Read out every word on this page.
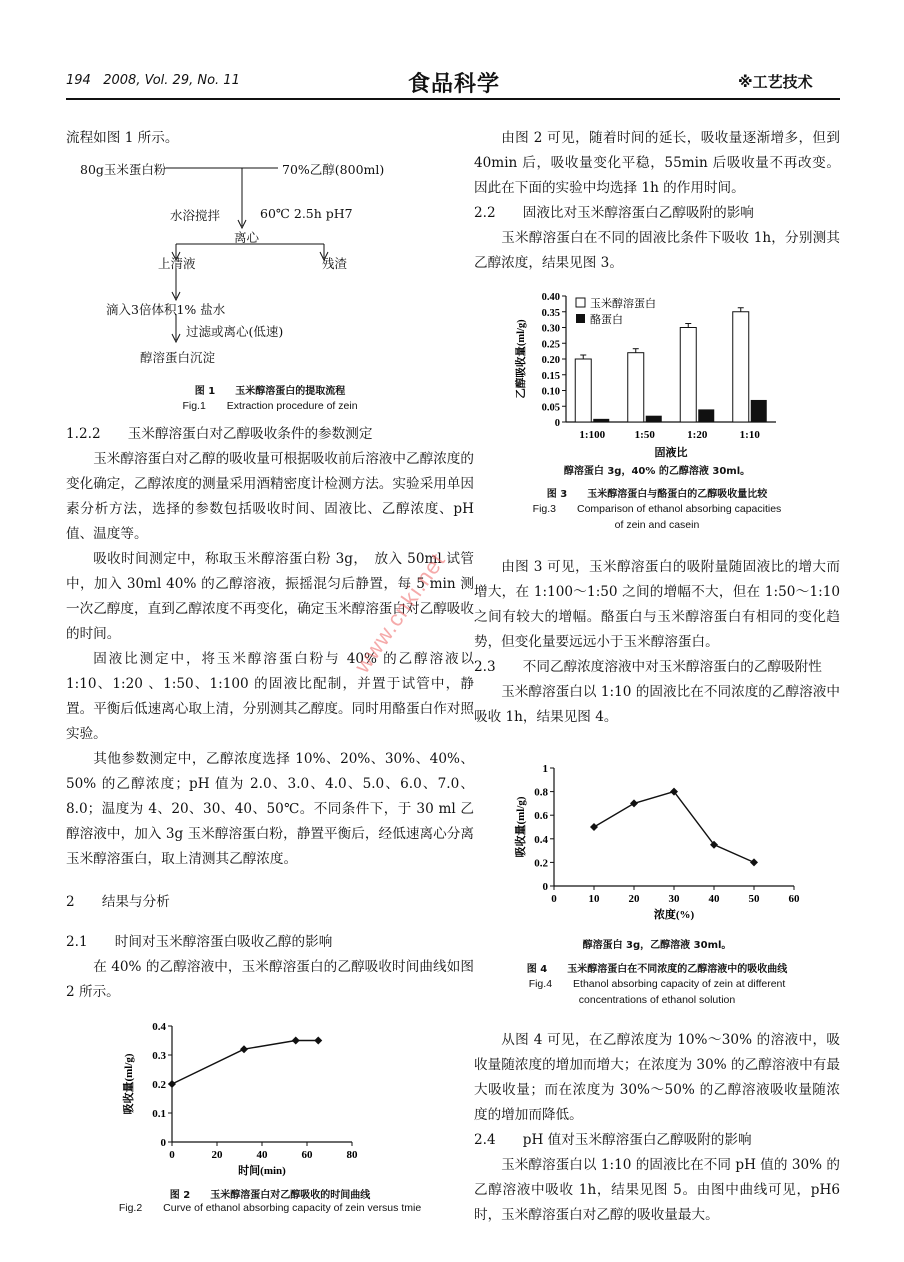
194 2008, Vol. 29, No. 11	食品科学	※工艺技术

流程如图 1 所示。

80g玉米蛋白粉	70%乙醇(800ml)
水浴搅拌	60℃ 2.5h pH7
离心
上清液	残渣
滴入3倍体积1% 盐水
过滤或离心(低速)
醇溶蛋白沉淀
图 1　　玉米醇溶蛋白的提取流程
Fig.1　　Extraction procedure of zein

1.2.2　　玉米醇溶蛋白对乙醇吸收条件的参数测定

玉米醇溶蛋白对乙醇的吸收量可根据吸收前后溶液中乙醇浓度的变化确定，乙醇浓度的测量采用酒精密度计检测方法。实验采用单因素分析方法，选择的参数包括吸收时间、固液比、乙醇浓度、pH 值、温度等。

吸收时间测定中，称取玉米醇溶蛋白粉 3g，　放入 50ml 试管中，加入 30ml 40% 的乙醇溶液，振摇混匀后静置，每 5 min 测一次乙醇度，直到乙醇浓度不再变化，确定玉米醇溶蛋白对乙醇吸收的时间。

固液比测定中，将玉米醇溶蛋白粉与 40% 的乙醇溶液以 1:10、1:20 、1:50、1:100 的固液比配制，并置于试管中，静置。平衡后低速离心取上清，分别测其乙醇度。同时用酪蛋白作对照实验。

其他参数测定中，乙醇浓度选择 10%、20%、30%、40%、50% 的乙醇浓度；pH 值为 2.0、3.0、4.0、5.0、6.0、7.0、8.0；温度为 4、20、30、40、50℃。不同条件下，于 30 ml 乙醇溶液中，加入 3g 玉米醇溶蛋白粉，静置平衡后，经低速离心分离玉米醇溶蛋白，取上清测其乙醇浓度。

2　　结果与分析

2.1　　时间对玉米醇溶蛋白吸收乙醇的影响

在 40% 的乙醇溶液中，玉米醇溶蛋白的乙醇吸收时间曲线如图 2 所示。

0
0.1
0.2
0.3
0.4
0	20	40	60	80
时间(min)
吸收量(ml/g)
图 2　　玉米醇溶蛋白对乙醇吸收的时间曲线
Fig.2　　Curve of ethanol absorbing capacity of zein versus tmie

由图 2 可见，随着时间的延长，吸收量逐渐增多，但到 40min 后，吸收量变化平稳，55min 后吸收量不再改变。因此在下面的实验中均选择 1h 的作用时间。

2.2　　固液比对玉米醇溶蛋白乙醇吸附的影响

玉米醇溶蛋白在不同的固液比条件下吸收 1h，分别测其乙醇浓度，结果见图 3。

0
0.05
0.10
0.15
0.20
0.25
0.30
0.35
0.40
1:100	1:50	1:20	1:10
玉米醇溶蛋白
酪蛋白
固液比
乙醇吸收量(ml/g)
醇溶蛋白 3g，40% 的乙醇溶液 30ml。
图 3　　玉米醇溶蛋白与酪蛋白的乙醇吸收量比较
Fig.3　　Comparison of ethanol absorbing capacities
of zein and casein

由图 3 可见，玉米醇溶蛋白的吸附量随固液比的增大而增大，在 1:100～1:50 之间的增幅不大，但在 1:50～1:10 之间有较大的增幅。酪蛋白与玉米醇溶蛋白有相同的变化趋势，但变化量要远远小于玉米醇溶蛋白。

2.3　　不同乙醇浓度溶液中对玉米醇溶蛋白的乙醇吸附性

玉米醇溶蛋白以 1:10 的固液比在不同浓度的乙醇溶液中吸收 1h，结果见图 4。

0
0.2
0.4
0.6
0.8
1
0	10	20	30	40	50	60
浓度(%)
吸收量(ml/g)
醇溶蛋白 3g，乙醇溶液 30ml。
图 4　　玉米醇溶蛋白在不同浓度的乙醇溶液中的吸收曲线
Fig.4　　Ethanol absorbing capacity of zein at different
concentrations of ethanol solution

从图 4 可见，在乙醇浓度为 10%～30% 的溶液中，吸收量随浓度的增加而增大；在浓度为 30% 的乙醇溶液中有最大吸收量；而在浓度为 30%～50% 的乙醇溶液吸收量随浓度的增加而降低。

2.4　　pH 值对玉米醇溶蛋白乙醇吸附的影响

玉米醇溶蛋白以 1:10 的固液比在不同 pH 值的 30% 的乙醇溶液中吸收 1h，结果见图 5。由图中曲线可见，pH6 时，玉米醇溶蛋白对乙醇的吸收量最大。

www.cnki.net
